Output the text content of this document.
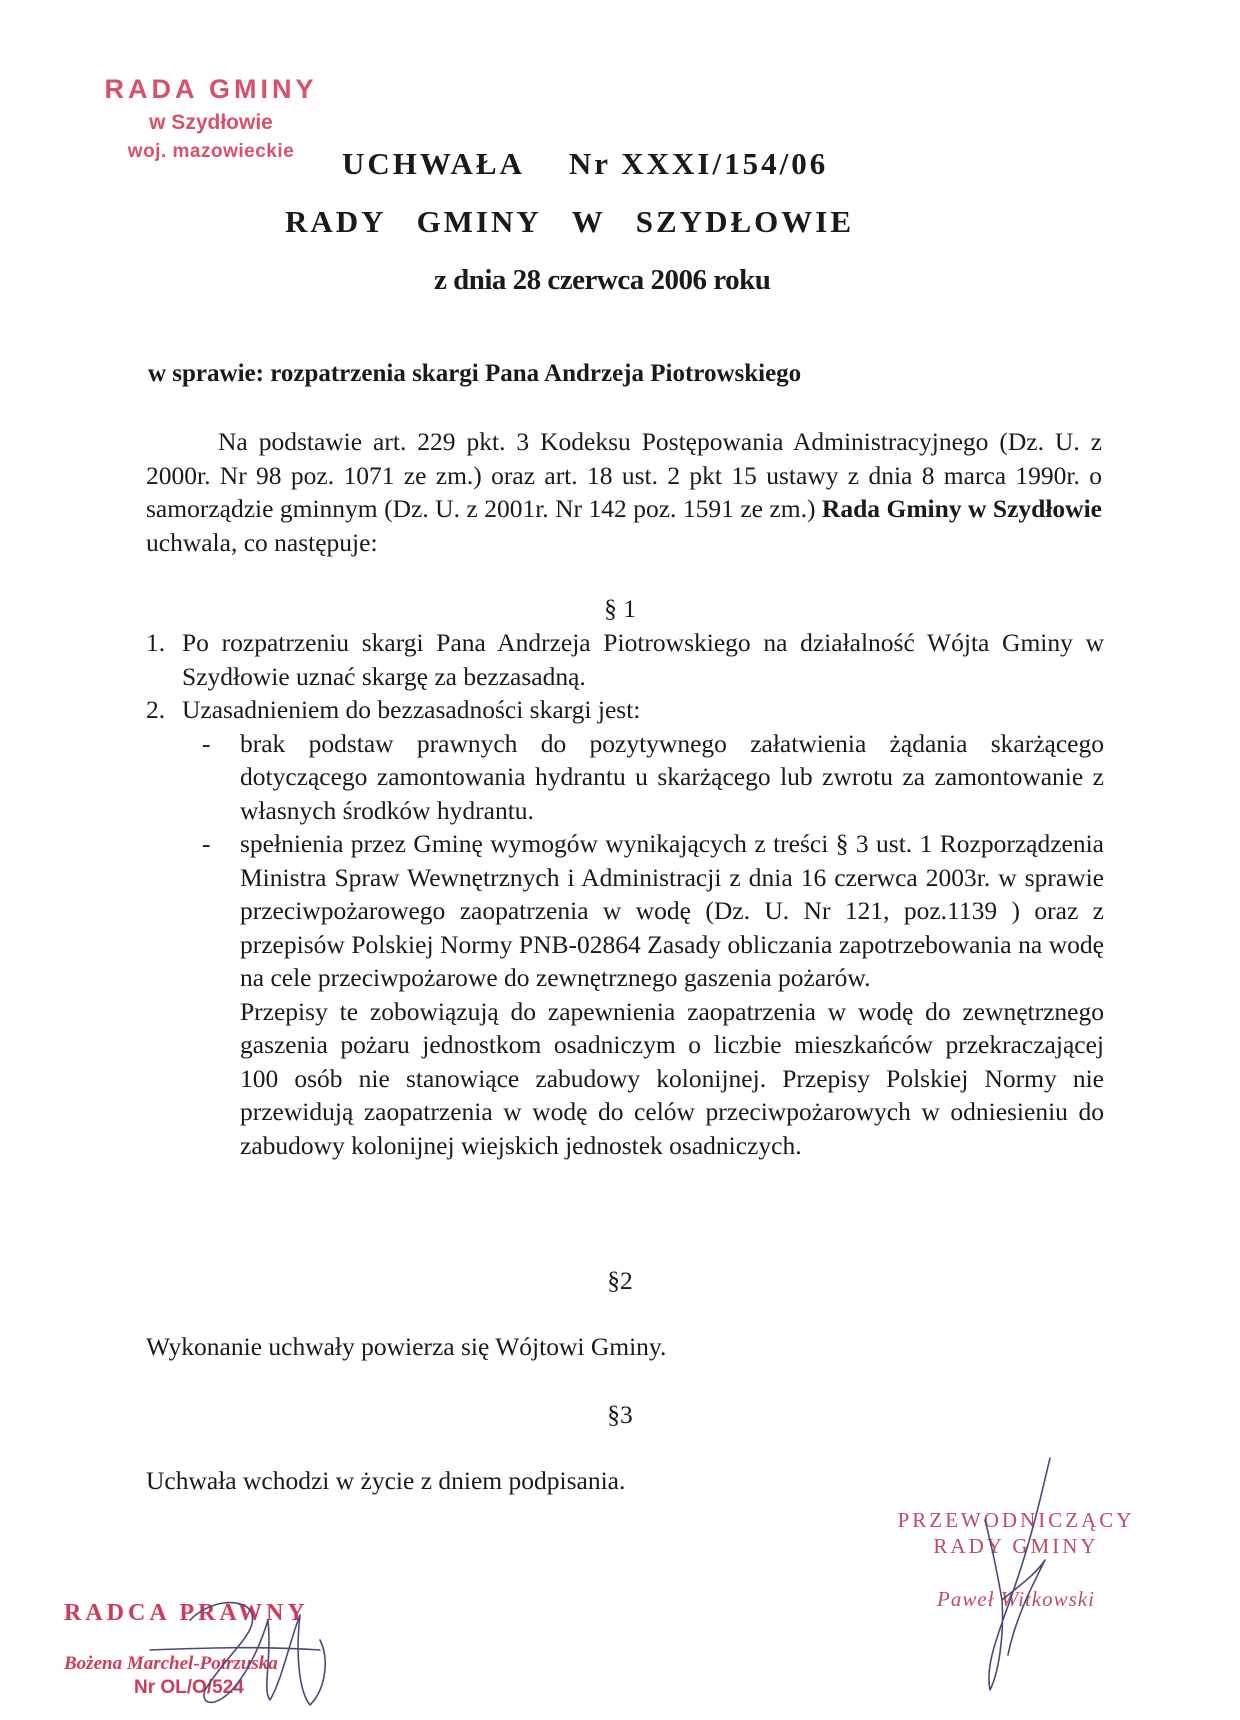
RADA GMINY
w Szydłowie
woj. mazowieckie	UCHWAŁA Nr XXXI/154/06
RADY GMINY W SZYDŁOWIE
z dnia 28 czerwca 2006 roku
w sprawie: rozpatrzenia skargi Pana Andrzeja Piotrowskiego
Na podstawie art. 229 pkt. 3 Kodeksu Postępowania Administracyjnego (Dz. U. z 2000r. Nr 98 poz. 1071 ze zm.) oraz art. 18 ust. 2 pkt 15 ustawy z dnia 8 marca 1990r. o samorządzie gminnym (Dz. U. z 2001r. Nr 142 poz. 1591 ze zm.) Rada Gminy w Szydłowie uchwala, co następuje:
§ 1
1. Po rozpatrzeniu skargi Pana Andrzeja Piotrowskiego na działalność Wójta Gminy w Szydłowie uznać skargę za bezzasadną.
2. Uzasadnieniem do bezzasadności skargi jest:
- brak podstaw prawnych do pozytywnego załatwienia żądania skarżącego dotyczącego zamontowania hydrantu u skarżącego lub zwrotu za zamontowanie z własnych środków hydrantu.
- spełnienia przez Gminę wymogów wynikających z treści § 3 ust. 1 Rozporządzenia Ministra Spraw Wewnętrznych i Administracji z dnia 16 czerwca 2003r. w sprawie przeciwpożarowego zaopatrzenia w wodę (Dz. U. Nr 121, poz.1139 ) oraz z przepisów Polskiej Normy PNB-02864 Zasady obliczania zapotrzebowania na wodę na cele przeciwpożarowe do zewnętrznego gaszenia pożarów.
Przepisy te zobowiązują do zapewnienia zaopatrzenia w wodę do zewnętrznego gaszenia pożaru jednostkom osadniczym o liczbie mieszkańców przekraczającej 100 osób nie stanowiące zabudowy kolonijnej. Przepisy Polskiej Normy nie przewidują zaopatrzenia w wodę do celów przeciwpożarowych w odniesieniu do zabudowy kolonijnej wiejskich jednostek osadniczych.
§2
Wykonanie uchwały powierza się Wójtowi Gminy.
§3
Uchwała wchodzi w życie z dniem podpisania.
PRZEWODNICZĄCY
RADY GMINY
Paweł Witkowski
RADCA PRAWNY
Bożena Marchel-Potrzuska
Nr OL/O/524
